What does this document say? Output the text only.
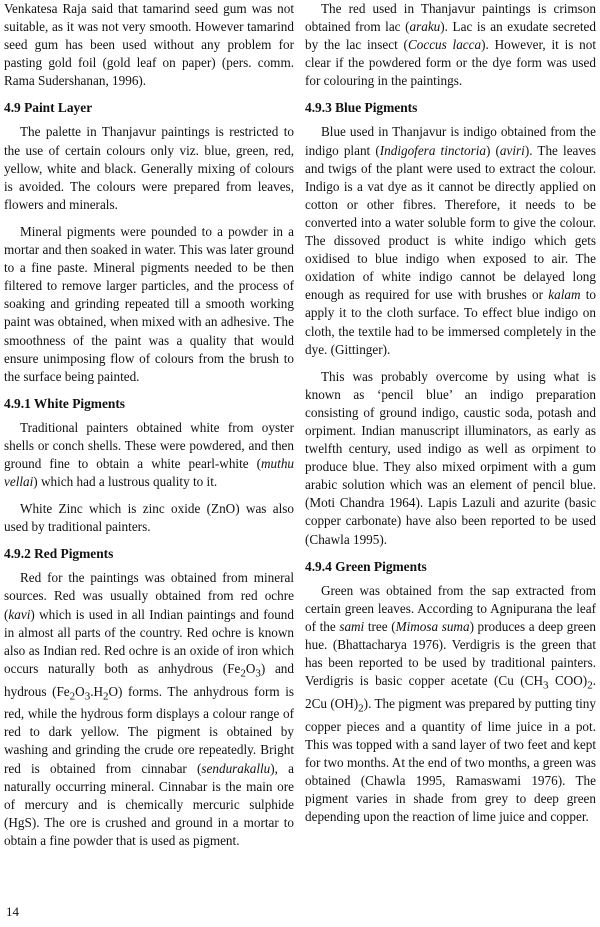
Venkatesa Raja said that tamarind seed gum was not suitable, as it was not very smooth. However tamarind seed gum has been used without any problem for pasting gold foil (gold leaf on paper) (pers. comm. Rama Sudershanan, 1996).

4.9 Paint Layer

The palette in Thanjavur paintings is restricted to the use of certain colours only viz. blue, green, red, yellow, white and black. Generally mixing of colours is avoided. The colours were prepared from leaves, flowers and minerals.

Mineral pigments were pounded to a powder in a mortar and then soaked in water. This was later ground to a fine paste. Mineral pigments needed to be then filtered to remove larger particles, and the process of soaking and grinding repeated till a smooth working paint was obtained, when mixed with an adhesive. The smoothness of the paint was a quality that would ensure unimposing flow of colours from the brush to the surface being painted.

4.9.1 White Pigments

Traditional painters obtained white from oyster shells or conch shells. These were powdered, and then ground fine to obtain a white pearl-white (muthu vellai) which had a lustrous quality to it.

White Zinc which is zinc oxide (ZnO) was also used by traditional painters.

4.9.2 Red Pigments

Red for the paintings was obtained from mineral sources. Red was usually obtained from red ochre (kavi) which is used in all Indian paintings and found in almost all parts of the country. Red ochre is known also as Indian red. Red ochre is an oxide of iron which occurs naturally both as anhydrous $(Fe_2O_3)$ and hydrous $(Fe_2O_3.H_2O)$ forms. The anhydrous form is red, while the hydrous form displays a colour range of red to dark yellow. The pigment is obtained by washing and grinding the crude ore repeatedly. Bright red is obtained from cinnabar (sendurakallu), a naturally occurring mineral. Cinnabar is the main ore of mercury and is chemically mercuric sulphide (HgS). The ore is crushed and ground in a mortar to obtain a fine powder that is used as pigment.

The red used in Thanjavur paintings is crimson obtained from lac (araku). Lac is an exudate secreted by the lac insect (Coccus lacca). However, it is not clear if the powdered form or the dye form was used for colouring in the paintings.

4.9.3 Blue Pigments

Blue used in Thanjavur is indigo obtained from the indigo plant (Indigofera tinctoria) (aviri). The leaves and twigs of the plant were used to extract the colour. Indigo is a vat dye as it cannot be directly applied on cotton or other fibres. Therefore, it needs to be converted into a water soluble form to give the colour. The dissoved product is white indigo which gets oxidised to blue indigo when exposed to air. The oxidation of white indigo cannot be delayed long enough as required for use with brushes or kalam to apply it to the cloth surface. To effect blue indigo on cloth, the textile had to be immersed completely in the dye. (Gittinger).

This was probably overcome by using what is known as ‘pencil blue’ an indigo preparation consisting of ground indigo, caustic soda, potash and orpiment. Indian manuscript illuminators, as early as twelfth century, used indigo as well as orpiment to produce blue. They also mixed orpiment with a gum arabic solution which was an element of pencil blue. (Moti Chandra 1964). Lapis Lazuli and azurite (basic copper carbonate) have also been reported to be used (Chawla 1995).

4.9.4 Green Pigments

Green was obtained from the sap extracted from certain green leaves. According to Agnipurana the leaf of the sami tree (Mimosa suma) produces a deep green hue. (Bhattacharya 1976). Verdigris is the green that has been reported to be used by traditional painters. Verdigris is basic copper acetate (Cu ($CH_3$ $COO)_2$. 2Cu $(OH)_2$). The pigment was prepared by putting tiny copper pieces and a quantity of lime juice in a pot. This was topped with a sand layer of two feet and kept for two months. At the end of two months, a green was obtained (Chawla 1995, Ramaswami 1976). The pigment varies in shade from grey to deep green depending upon the reaction of lime juice and copper.

14
